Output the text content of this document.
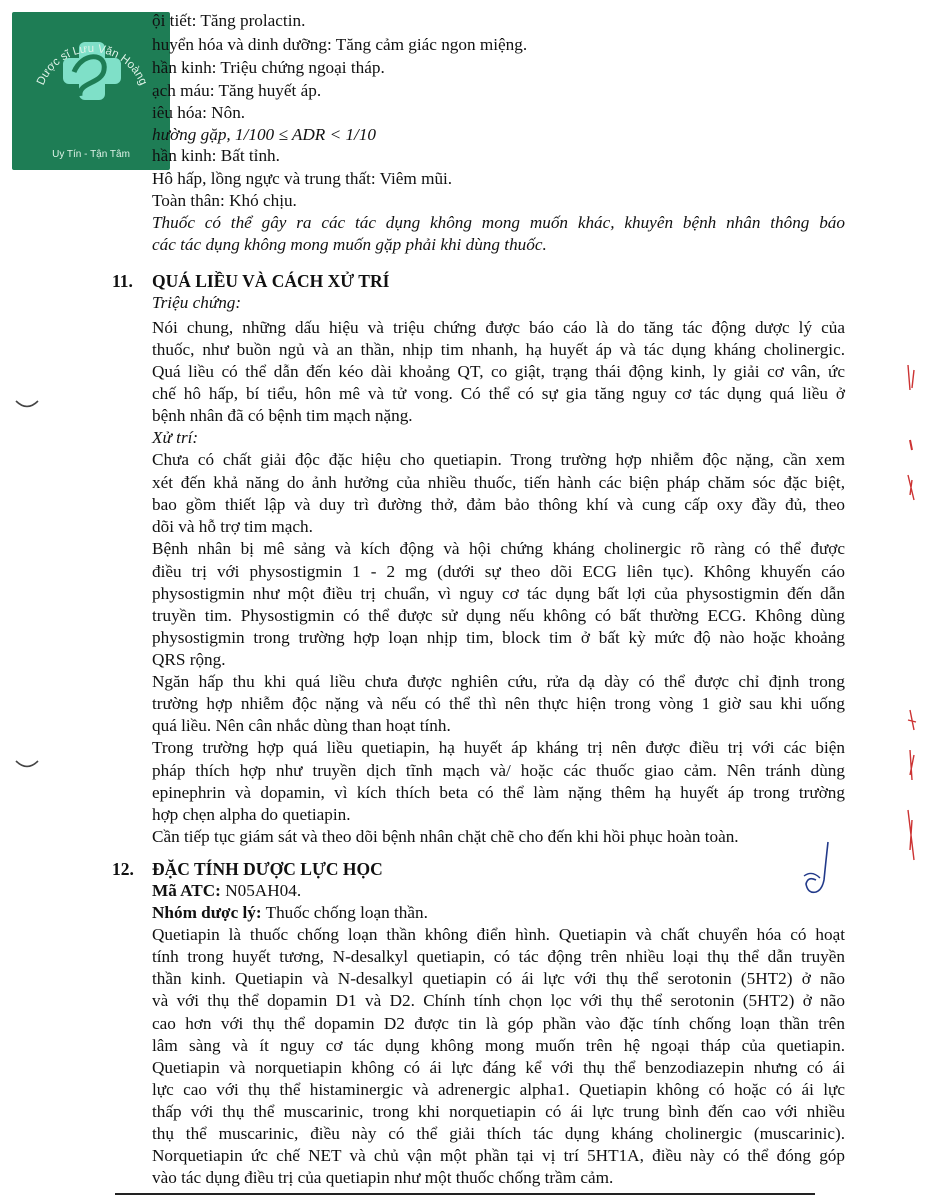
Dược sĩ Lưu Văn Hoàng
Uy Tín - Tận Tâm
ội tiết: Tăng prolactin.
huyển hóa và dinh dưỡng: Tăng cảm giác ngon miệng.
hần kinh: Triệu chứng ngoại tháp.
ạch máu: Tăng huyết áp.
iêu hóa: Nôn.
hường gặp, 1/100 ≤ ADR < 1/10
hần kinh: Bất tỉnh.
Hô hấp, lồng ngực và trung thất: Viêm mũi.
Toàn thân: Khó chịu.
Thuốc có thể gây ra các tác dụng không mong muốn khác, khuyên bệnh nhân thông báo
các tác dụng không mong muốn gặp phải khi dùng thuốc.
11. QUÁ LIỀU VÀ CÁCH XỬ TRÍ
Triệu chứng:
Nói chung, những dấu hiệu và triệu chứng được báo cáo là do tăng tác động dược lý của
thuốc, như buồn ngủ và an thần, nhịp tim nhanh, hạ huyết áp và tác dụng kháng cholinergic.
Quá liều có thể dẫn đến kéo dài khoảng QT, co giật, trạng thái động kinh, ly giải cơ vân, ức
chế hô hấp, bí tiểu, hôn mê và tử vong. Có thể có sự gia tăng nguy cơ tác dụng quá liều ở
bệnh nhân đã có bệnh tim mạch nặng.
Xử trí:
Chưa có chất giải độc đặc hiệu cho quetiapin. Trong trường hợp nhiễm độc nặng, cần xem
xét đến khả năng do ảnh hưởng của nhiều thuốc, tiến hành các biện pháp chăm sóc đặc biệt,
bao gồm thiết lập và duy trì đường thở, đảm bảo thông khí và cung cấp oxy đầy đủ, theo
dõi và hỗ trợ tim mạch.
Bệnh nhân bị mê sảng và kích động và hội chứng kháng cholinergic rõ ràng có thể được
điều trị với physostigmin 1 - 2 mg (dưới sự theo dõi ECG liên tục). Không khuyến cáo
physostigmin như một điều trị chuẩn, vì nguy cơ tác dụng bất lợi của physostigmin đến dẫn
truyền tim. Physostigmin có thể được sử dụng nếu không có bất thường ECG. Không dùng
physostigmin trong trường hợp loạn nhịp tim, block tim ở bất kỳ mức độ nào hoặc khoảng
QRS rộng.
Ngăn hấp thu khi quá liều chưa được nghiên cứu, rửa dạ dày có thể được chỉ định trong
trường hợp nhiễm độc nặng và nếu có thể thì nên thực hiện trong vòng 1 giờ sau khi uống
quá liều. Nên cân nhắc dùng than hoạt tính.
Trong trường hợp quá liều quetiapin, hạ huyết áp kháng trị nên được điều trị với các biện
pháp thích hợp như truyền dịch tĩnh mạch và/ hoặc các thuốc giao cảm. Nên tránh dùng
epinephrin và dopamin, vì kích thích beta có thể làm nặng thêm hạ huyết áp trong trường
hợp chẹn alpha do quetiapin.
Cần tiếp tục giám sát và theo dõi bệnh nhân chặt chẽ cho đến khi hồi phục hoàn toàn.
12. ĐẶC TÍNH DƯỢC LỰC HỌC
Mã ATC: N05AH04.
Nhóm dược lý: Thuốc chống loạn thần.
Quetiapin là thuốc chống loạn thần không điển hình. Quetiapin và chất chuyển hóa có hoạt
tính trong huyết tương, N-desalkyl quetiapin, có tác động trên nhiều loại thụ thể dẫn truyền
thần kinh. Quetiapin và N-desalkyl quetiapin có ái lực với thụ thể serotonin (5HT2) ở não
và với thụ thể dopamin D1 và D2. Chính tính chọn lọc với thụ thể serotonin (5HT2) ở não
cao hơn với thụ thể dopamin D2 được tin là góp phần vào đặc tính chống loạn thần trên
lâm sàng và ít nguy cơ tác dụng không mong muốn trên hệ ngoại tháp của quetiapin.
Quetiapin và norquetiapin không có ái lực đáng kể với thụ thể benzodiazepin nhưng có ái
lực cao với thụ thể histaminergic và adrenergic alpha1. Quetiapin không có hoặc có ái lực
thấp với thụ thể muscarinic, trong khi norquetiapin có ái lực trung bình đến cao với nhiều
thụ thể muscarinic, điều này có thể giải thích tác dụng kháng cholinergic (muscarinic).
Norquetiapin ức chế NET và chủ vận một phần tại vị trí 5HT1A, điều này có thể đóng góp
vào tác dụng điều trị của quetiapin như một thuốc chống trầm cảm.
